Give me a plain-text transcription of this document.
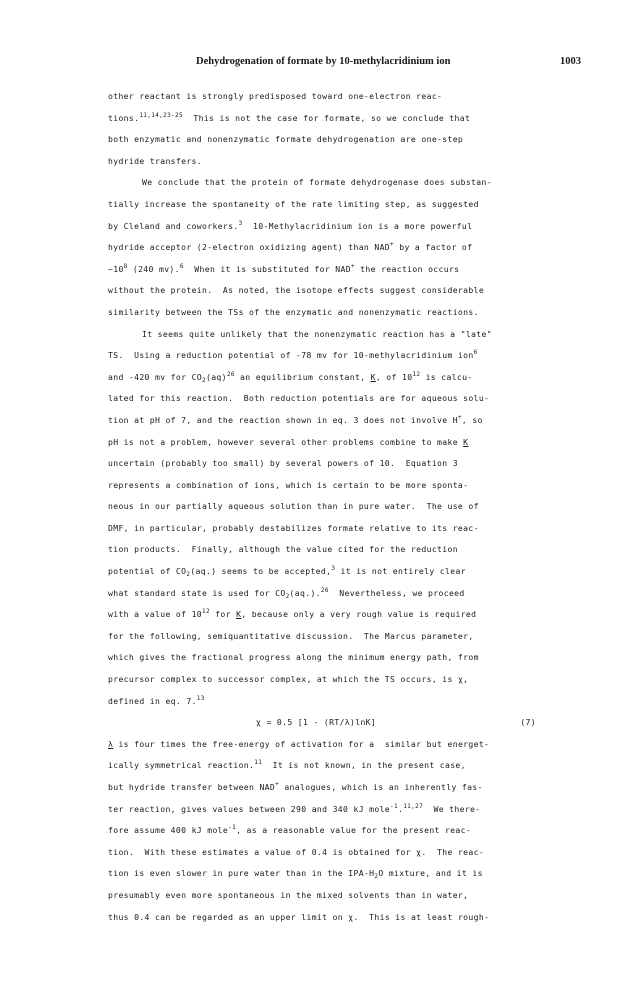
Dehydrogenation of formate by 10-methylacridinium ion	1003
other reactant is strongly predisposed toward one-electron reac-
tions.$^{11,14,23-25}$  This is not the case for formate, so we conclude that
both enzymatic and nonenzymatic formate dehydrogenation are one-step
hydride transfers.
We conclude that the protein of formate dehydrogenase does substan-
tially increase the spontaneity of the rate limiting step, as suggested
by Cleland and coworkers.$^3$  10-Methylacridinium ion is a more powerful
hydride acceptor (2-electron oxidizing agent) than NAD+ by a factor of
$\sim 10^8$ (240 mv).$^6$  When it is substituted for NAD+ the reaction occurs
without the protein.  As noted, the isotope effects suggest considerable
similarity between the TSs of the enzymatic and nonenzymatic reactions.
It seems quite unlikely that the nonenzymatic reaction has a "late"
TS.  Using a reduction potential of -78 mv for 10-methylacridinium ion$^6$
and -420 mv for $CO_2(aq)^{26}$ an equilibrium constant, K, of $10^{12}$ is calcu-
lated for this reaction.  Both reduction potentials are for aqueous solu-
tion at pH of 7, and the reaction shown in eq. 3 does not involve H+, so
pH is not a problem, however several other problems combine to make K
uncertain (probably too small) by several powers of 10.  Equation 3
represents a combination of ions, which is certain to be more sponta-
neous in our partially aqueous solution than in pure water.  The use of
DMF, in particular, probably destabilizes formate relative to its reac-
tion products.  Finally, although the value cited for the reduction
potential of $CO_2(aq.)$ seems to be accepted,$^3$ it is not entirely clear
what standard state is used for $CO_2(aq.).^{26}$  Nevertheless, we proceed
with a value of $10^{12}$ for K, because only a very rough value is required
for the following, semiquantitative discussion.  The Marcus parameter,
which gives the fractional progress along the minimum energy path, from
precursor complex to successor complex, at which the TS occurs, is χ,
defined in eq. 7.13
χ = 0.5 [1 - (RT/λ)lnK]	(7)
λ is four times the free-energy of activation for a  similar but energet-
ically symmetrical reaction.$^{11}$  It is not known, in the present case,
but hydride transfer between NAD+ analogues, which is an inherently fas-
ter reaction, gives values between 290 and 340 kJ mole$^{-1}$.$^{11,27}$  We there-
fore assume 400 kJ mole$^{-1}$, as a reasonable value for the present reac-
tion.  With these estimates a value of 0.4 is obtained for χ.  The reac-
tion is even slower in pure water than in the IPA-$H_2O$ mixture, and it is
presumably even more spontaneous in the mixed solvents than in water,
thus 0.4 can be regarded as an upper limit on χ.  This is at least rough-
